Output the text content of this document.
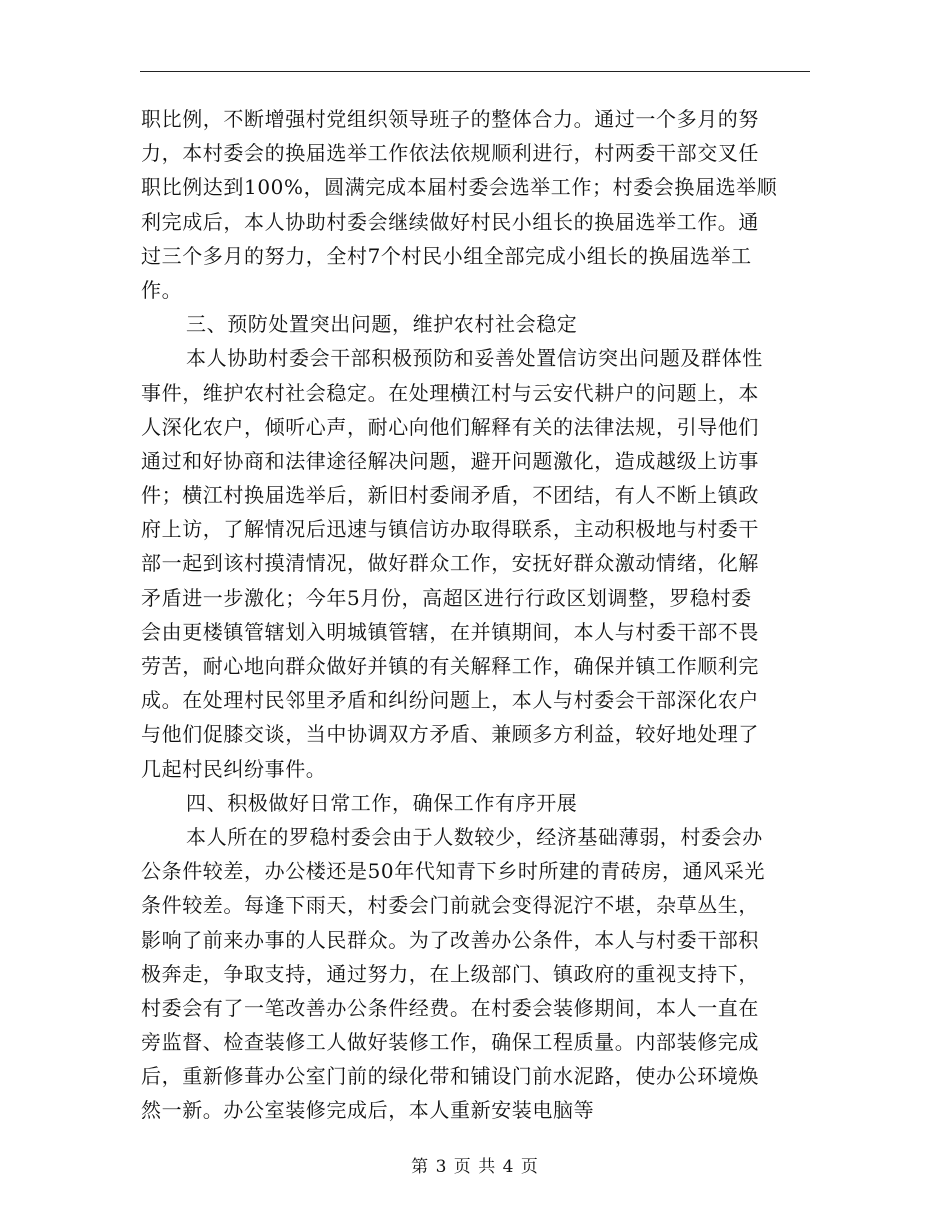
职比例，不断增强村党组织领导班子的整体合力。通过一个多月的努
力，本村委会的换届选举工作依法依规顺利进行，村两委干部交叉任
职比例达到100%，圆满完成本届村委会选举工作；村委会换届选举顺
利完成后，本人协助村委会继续做好村民小组长的换届选举工作。通
过三个多月的努力，全村7个村民小组全部完成小组长的换届选举工
作。
三、预防处置突出问题，维护农村社会稳定
本人协助村委会干部积极预防和妥善处置信访突出问题及群体性
事件，维护农村社会稳定。在处理横江村与云安代耕户的问题上，本
人深化农户，倾听心声，耐心向他们解释有关的法律法规，引导他们
通过和好协商和法律途径解决问题，避开问题激化，造成越级上访事
件；横江村换届选举后，新旧村委闹矛盾，不团结，有人不断上镇政
府上访，了解情况后迅速与镇信访办取得联系，主动积极地与村委干
部一起到该村摸清情况，做好群众工作，安抚好群众激动情绪，化解
矛盾进一步激化；今年5月份，高超区进行行政区划调整，罗稳村委
会由更楼镇管辖划入明城镇管辖，在并镇期间，本人与村委干部不畏
劳苦，耐心地向群众做好并镇的有关解释工作，确保并镇工作顺利完
成。在处理村民邻里矛盾和纠纷问题上，本人与村委会干部深化农户
与他们促膝交谈，当中协调双方矛盾、兼顾多方利益，较好地处理了
几起村民纠纷事件。
四、积极做好日常工作，确保工作有序开展
本人所在的罗稳村委会由于人数较少，经济基础薄弱，村委会办
公条件较差，办公楼还是50年代知青下乡时所建的青砖房，通风采光
条件较差。每逢下雨天，村委会门前就会变得泥泞不堪，杂草丛生，
影响了前来办事的人民群众。为了改善办公条件，本人与村委干部积
极奔走，争取支持，通过努力，在上级部门、镇政府的重视支持下，
村委会有了一笔改善办公条件经费。在村委会装修期间，本人一直在
旁监督、检查装修工人做好装修工作，确保工程质量。内部装修完成
后，重新修葺办公室门前的绿化带和铺设门前水泥路，使办公环境焕
然一新。办公室装修完成后，本人重新安装电脑等
第 3 页 共 4 页
